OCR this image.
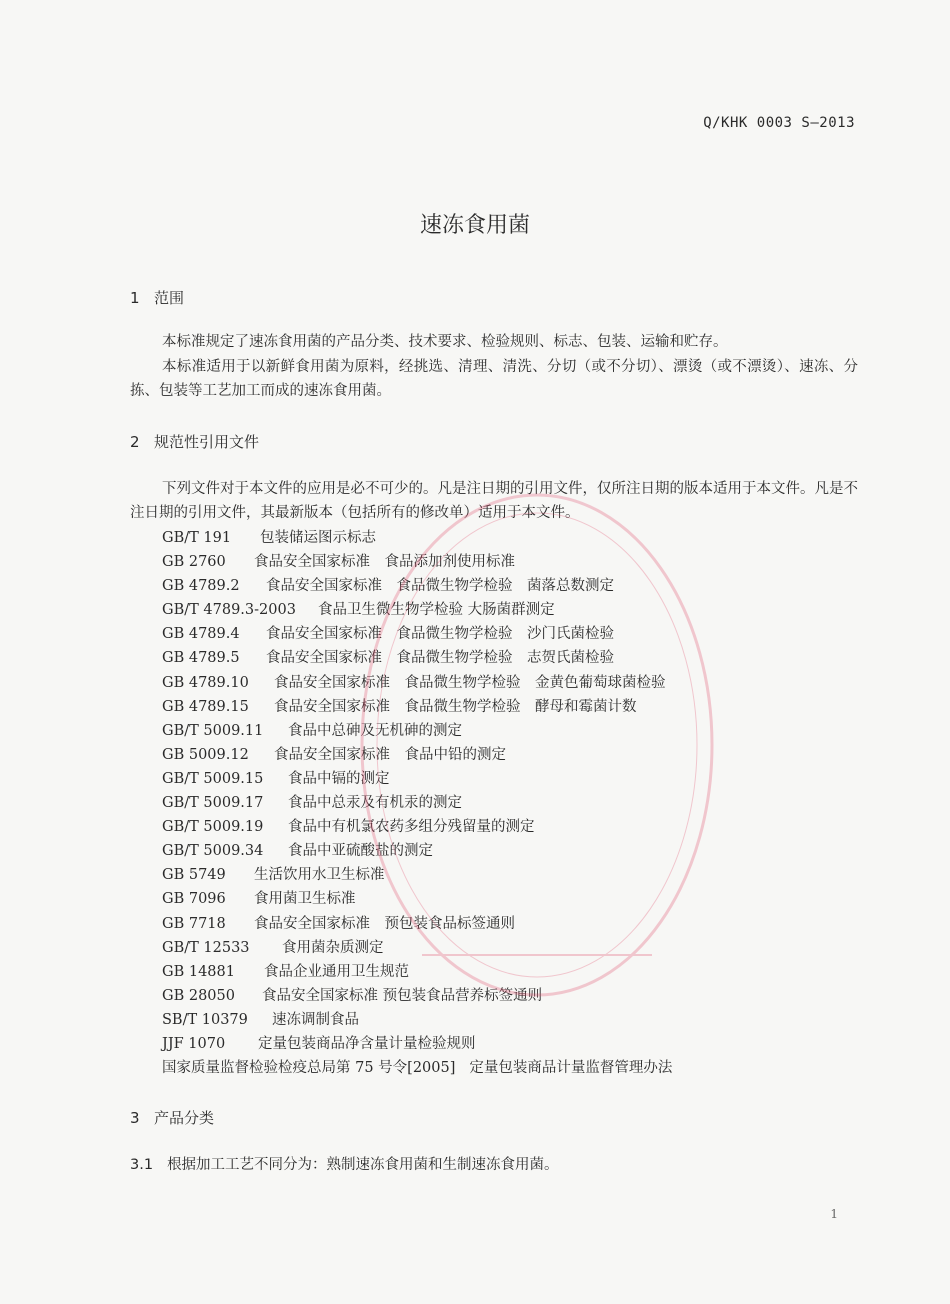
Q/KHK 0003 S—2013
速冻食用菌
1 范围
本标准规定了速冻食用菌的产品分类、技术要求、检验规则、标志、包装、运输和贮存。
本标准适用于以新鲜食用菌为原料，经挑选、清理、清洗、分切（或不分切）、漂烫（或不漂烫）、速冻、分拣、包装等工艺加工而成的速冻食用菌。
2 规范性引用文件
下列文件对于本文件的应用是必不可少的。凡是注日期的引用文件，仅所注日期的版本适用于本文件。凡是不注日期的引用文件，其最新版本（包括所有的修改单）适用于本文件。
GB/T 191 包装储运图示标志
GB 2760 食品安全国家标准　食品添加剂使用标准
GB 4789.2 食品安全国家标准　食品微生物学检验　菌落总数测定
GB/T 4789.3-2003 食品卫生微生物学检验 大肠菌群测定
GB 4789.4 食品安全国家标准　食品微生物学检验　沙门氏菌检验
GB 4789.5 食品安全国家标准　食品微生物学检验　志贺氏菌检验
GB 4789.10 食品安全国家标准　食品微生物学检验　金黄色葡萄球菌检验
GB 4789.15 食品安全国家标准　食品微生物学检验　酵母和霉菌计数
GB/T 5009.11 食品中总砷及无机砷的测定
GB 5009.12 食品安全国家标准　食品中铅的测定
GB/T 5009.15 食品中镉的测定
GB/T 5009.17 食品中总汞及有机汞的测定
GB/T 5009.19 食品中有机氯农药多组分残留量的测定
GB/T 5009.34 食品中亚硫酸盐的测定
GB 5749 生活饮用水卫生标准
GB 7096 食用菌卫生标准
GB 7718 食品安全国家标准　预包装食品标签通则
GB/T 12533 食用菌杂质测定
GB 14881 食品企业通用卫生规范
GB 28050 食品安全国家标准 预包装食品营养标签通则
SB/T 10379 速冻调制食品
JJF 1070 定量包装商品净含量计量检验规则
国家质量监督检验检疫总局第 75 号令[2005] 定量包装商品计量监督管理办法
3 产品分类
3.1 根据加工工艺不同分为：熟制速冻食用菌和生制速冻食用菌。
1
